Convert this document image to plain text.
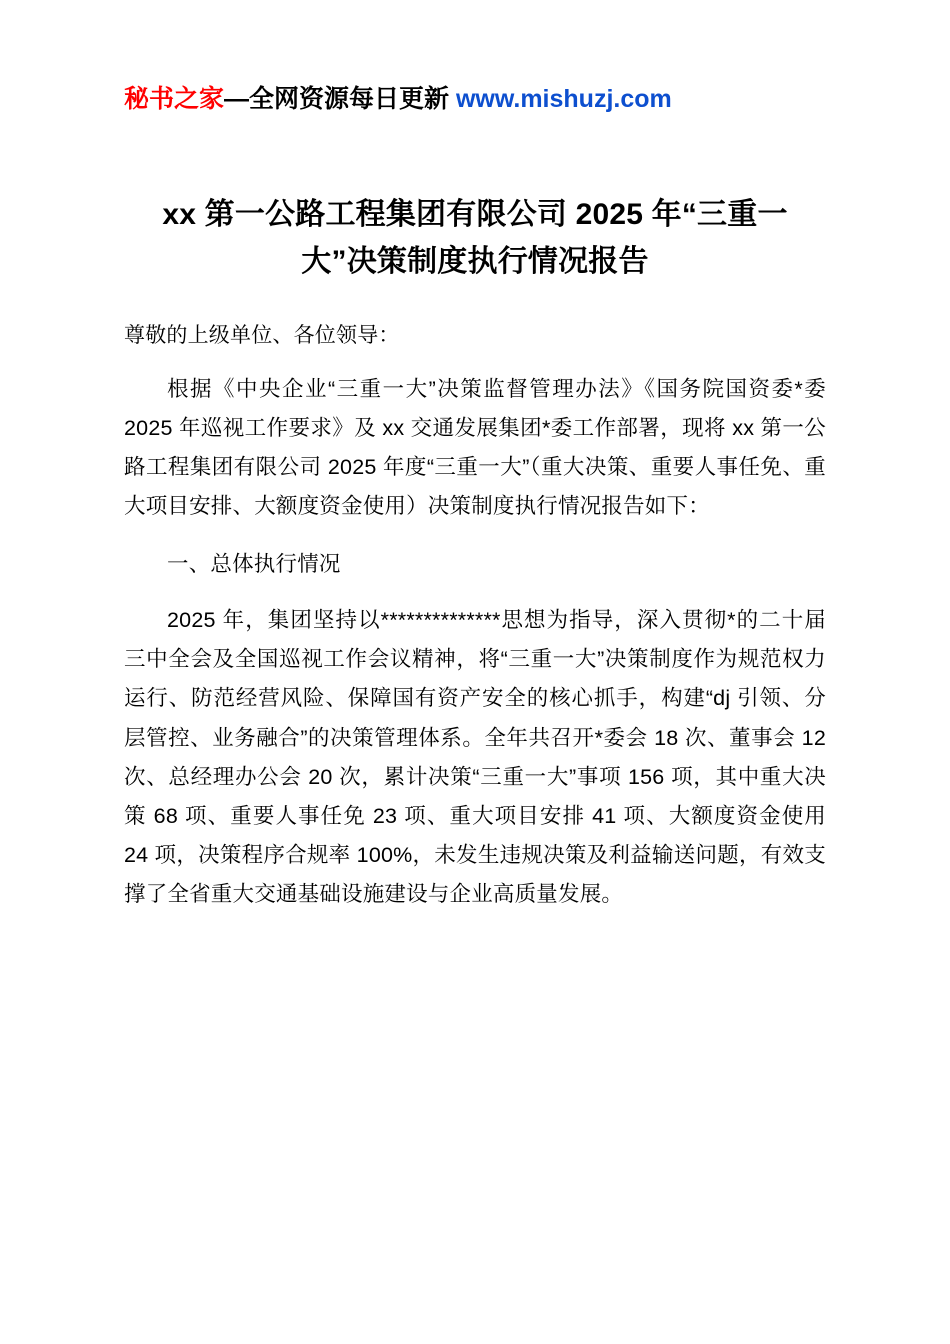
秘书之家—全网资源每日更新 www.mishuzj.com
xx 第一公路工程集团有限公司 2025 年“三重一大”决策制度执行情况报告
尊敬的上级单位、各位领导：

根据《中央企业“三重一大”决策监督管理办法》《国务院国资委*委 2025 年巡视工作要求》及 xx 交通发展集团*委工作部署，现将 xx 第一公路工程集团有限公司 2025 年度“三重一大”（重大决策、重要人事任免、重大项目安排、大额度资金使用）决策制度执行情况报告如下：

一、总体执行情况

2025 年，集团坚持以**************思想为指导，深入贯彻*的二十届三中全会及全国巡视工作会议精神，将“三重一大”决策制度作为规范权力运行、防范经营风险、保障国有资产安全的核心抓手，构建“dj 引领、分层管控、业务融合”的决策管理体系。全年共召开*委会 18 次、董事会 12 次、总经理办公会 20 次，累计决策“三重一大”事项 156 项，其中重大决策 68 项、重要人事任免 23 项、重大项目安排 41 项、大额度资金使用 24 项，决策程序合规率 100%，未发生违规决策及利益输送问题，有效支撑了全省重大交通基础设施建设与企业高质量发展。
